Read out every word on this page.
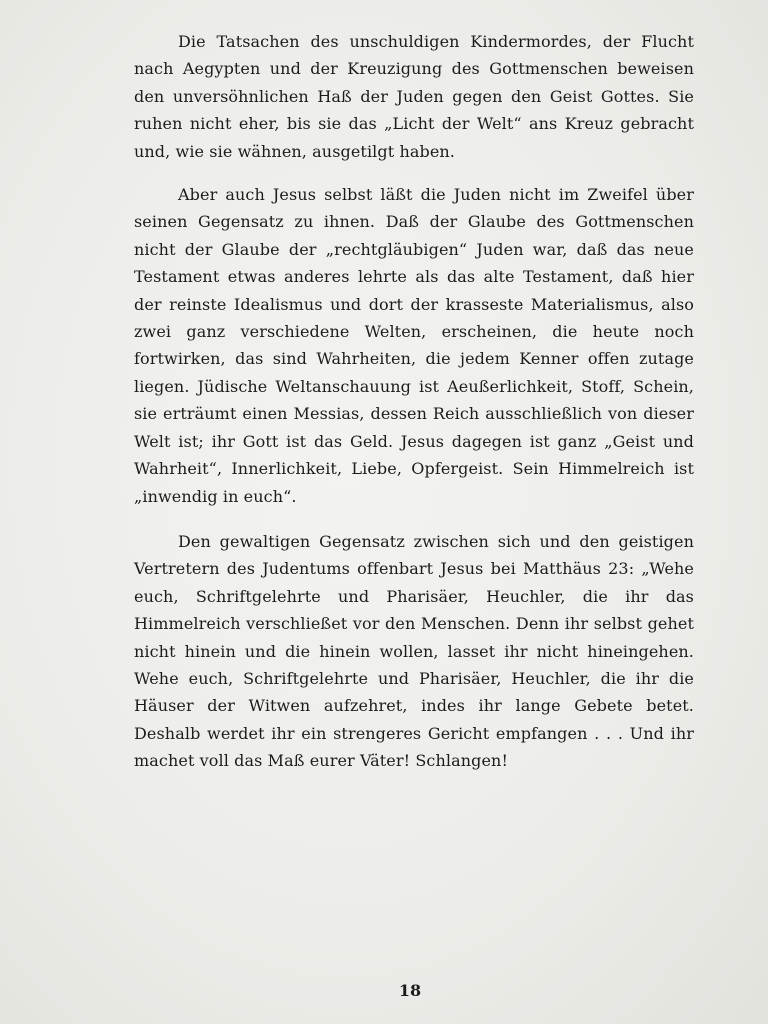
Die Tatsachen des unschuldigen Kindermordes, der Flucht nach Aegypten und der Kreuzigung des Gottmenschen beweisen den unversöhnlichen Haß der Juden gegen den Geist Gottes. Sie ruhen nicht eher, bis sie das „Licht der Welt“ ans Kreuz gebracht und, wie sie wähnen, ausgetilgt haben.

Aber auch Jesus selbst läßt die Juden nicht im Zweifel über seinen Gegensatz zu ihnen. Daß der Glaube des Gottmenschen nicht der Glaube der „rechtgläubigen“ Juden war, daß das neue Testament etwas anderes lehrte als das alte Testament, daß hier der reinste Idealismus und dort der krasseste Materialismus, also zwei ganz verschiedene Welten, erscheinen, die heute noch fortwirken, das sind Wahrheiten, die jedem Kenner offen zutage liegen. Jüdische Weltanschauung ist Aeußerlichkeit, Stoff, Schein, sie erträumt einen Messias, dessen Reich ausschließlich von dieser Welt ist; ihr Gott ist das Geld. Jesus dagegen ist ganz „Geist und Wahrheit“, Innerlichkeit, Liebe, Opfergeist. Sein Himmelreich ist „inwendig in euch“.

Den gewaltigen Gegensatz zwischen sich und den geistigen Vertretern des Judentums offenbart Jesus bei Matthäus 23: „Wehe euch, Schriftgelehrte und Pharisäer, Heuchler, die ihr das Himmelreich verschließet vor den Menschen. Denn ihr selbst gehet nicht hinein und die hinein wollen, lasset ihr nicht hineingehen. Wehe euch, Schriftgelehrte und Pharisäer, Heuchler, die ihr die Häuser der Witwen aufzehret, indes ihr lange Gebete betet. Deshalb werdet ihr ein strengeres Gericht empfangen . . . Und ihr machet voll das Maß eurer Väter! Schlangen!

18
